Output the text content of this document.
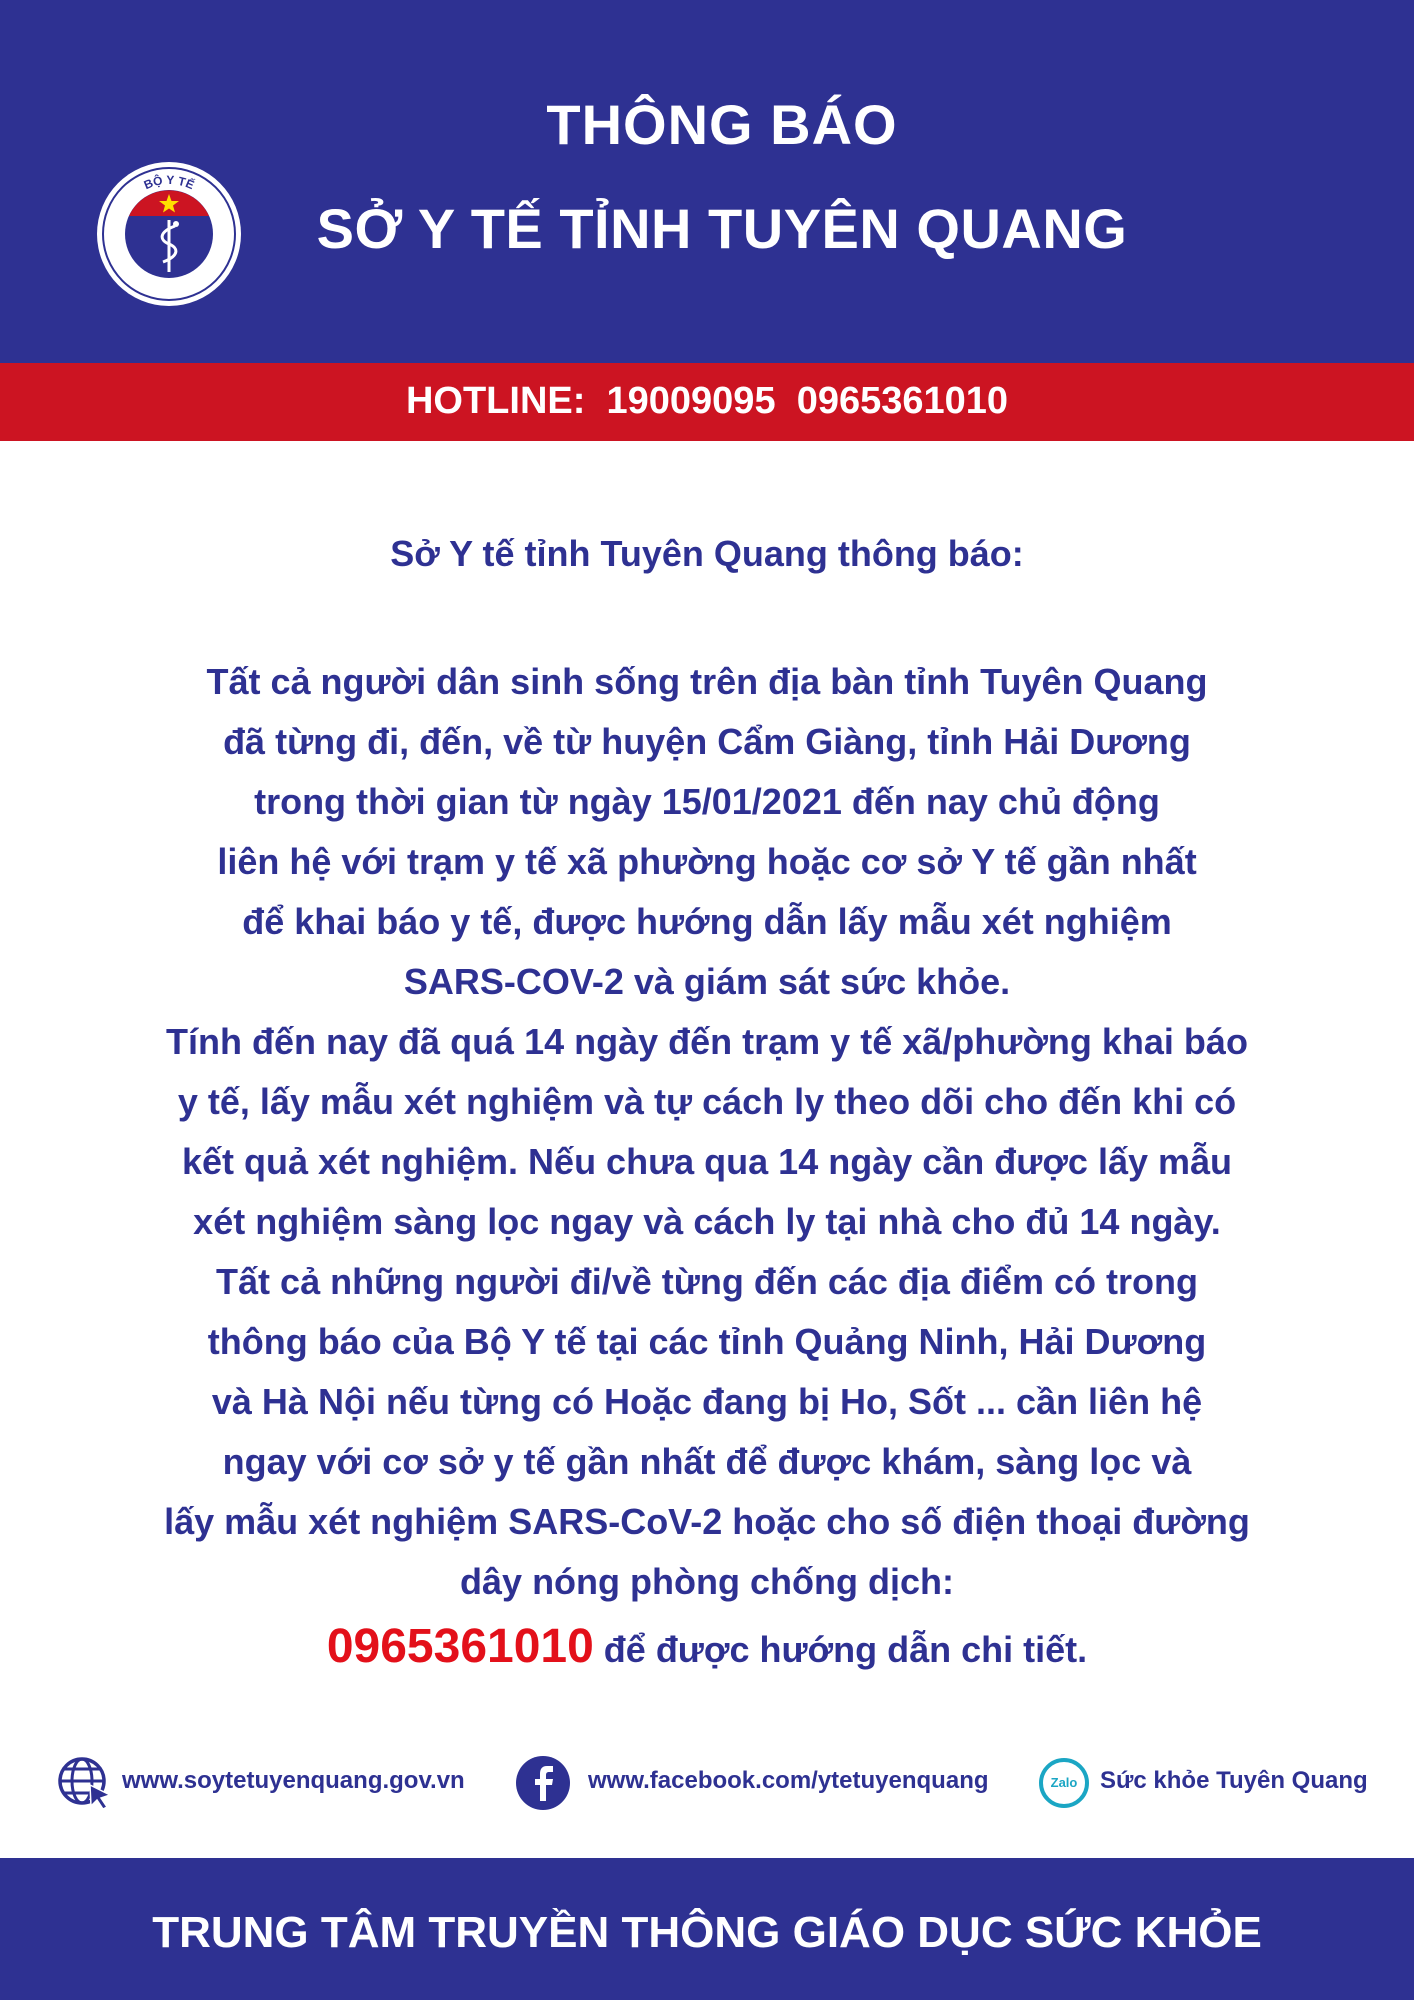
BỘ Y TẾ
THÔNG BÁO
SỞ Y TẾ TỈNH TUYÊN QUANG
HOTLINE:  19009095  0965361010
Sở Y tế tỉnh Tuyên Quang thông báo:
Tất cả người dân sinh sống trên địa bàn tỉnh Tuyên Quang
đã từng đi, đến, về từ huyện Cẩm Giàng, tỉnh Hải Dương
trong thời gian từ ngày 15/01/2021 đến nay chủ động
liên hệ với trạm y tế xã phường hoặc cơ sở Y tế gần nhất
để khai báo y tế, được hướng dẫn lấy mẫu xét nghiệm
SARS-COV-2 và giám sát sức khỏe.
Tính đến nay đã quá 14 ngày đến trạm y tế xã/phường khai báo
y tế, lấy mẫu xét nghiệm và tự cách ly theo dõi cho đến khi có
kết quả xét nghiệm. Nếu chưa qua 14 ngày cần được lấy mẫu
xét nghiệm sàng lọc ngay và cách ly tại nhà cho đủ 14 ngày.
Tất cả những người đi/về từng đến các địa điểm có trong
thông báo của Bộ Y tế tại các tỉnh Quảng Ninh, Hải Dương
và Hà Nội nếu từng có Hoặc đang bị Ho, Sốt ... cần liên hệ
ngay với cơ sở y tế gần nhất để được khám, sàng lọc và
lấy mẫu xét nghiệm SARS-CoV-2 hoặc cho số điện thoại đường
dây nóng phòng chống dịch:
0965361010 để được hướng dẫn chi tiết.
www.soytetuyenquang.gov.vn	www.facebook.com/ytetuyenquang	Zalo Sức khỏe Tuyên Quang
TRUNG TÂM TRUYỀN THÔNG GIÁO DỤC SỨC KHỎE
